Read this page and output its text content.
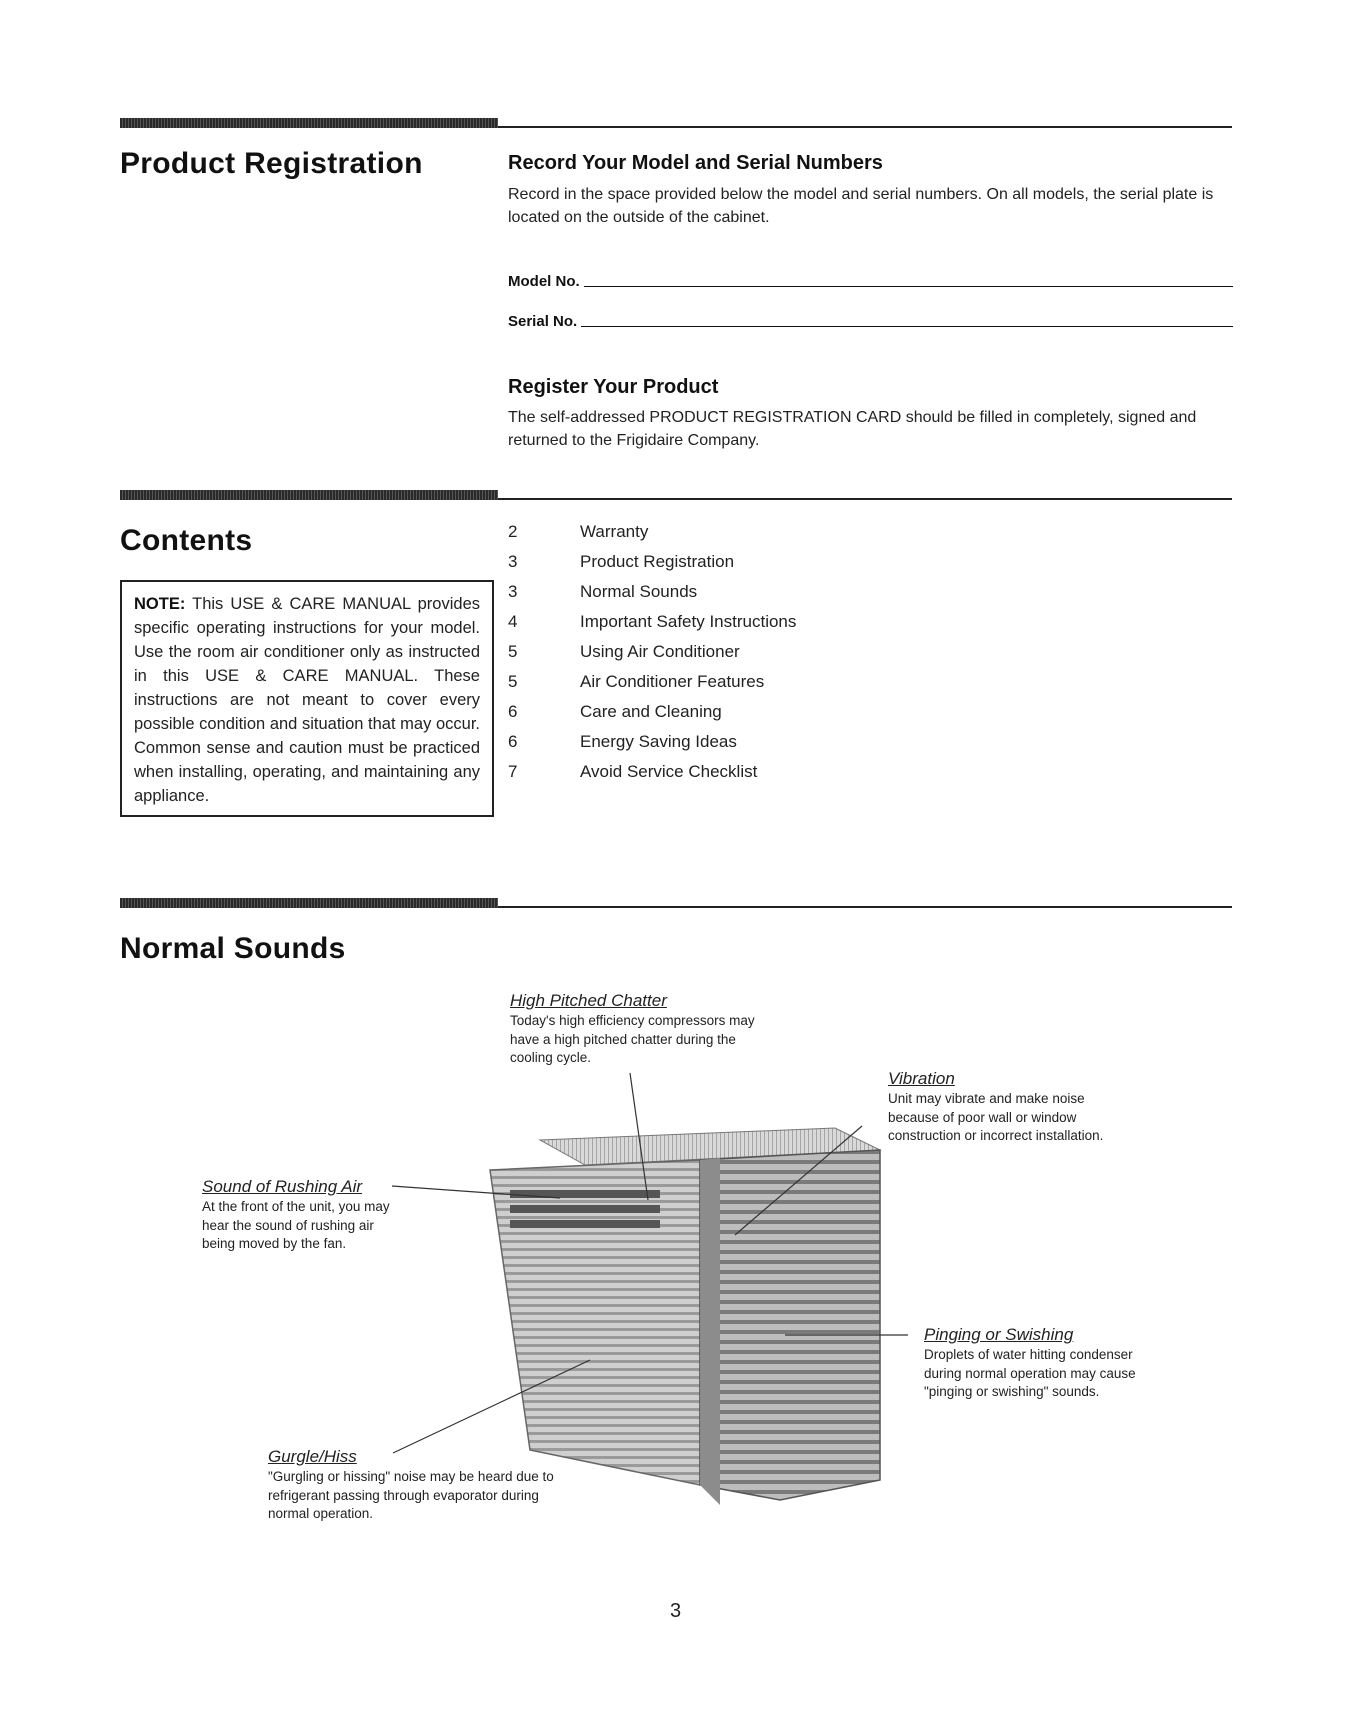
Product Registration	Record Your Model and Serial Numbers

Record in the space provided below the model and serial numbers. On all models, the serial plate is located on the outside of the cabinet.

Model No.
Serial No.
Register Your Product

The self-addressed PRODUCT REGISTRATION CARD should be filled in completely, signed and returned to the Frigidaire Company.

Contents

NOTE: This USE & CARE MANUAL provides specific operating instructions for your model. Use the room air conditioner only as instructed in this USE & CARE MANUAL. These instructions are not meant to cover every possible condition and situation that may occur. Common sense and caution must be practiced when installing, operating, and maintaining any appliance.

2	Warranty
3	Product Registration
3	Normal Sounds
4	Important Safety Instructions
5	Using Air Conditioner
5	Air Conditioner Features
6	Care and Cleaning
6	Energy Saving Ideas
7	Avoid Service Checklist
Normal Sounds
High Pitched Chatter
Today's high efficiency compressors may have a high pitched chatter during the cooling cycle.
Vibration
Unit may vibrate and make noise because of poor wall or window construction or incorrect installation.
Sound of Rushing Air
At the front of the unit, you may hear the sound of rushing air being moved by the fan.
Pinging or Swishing
Droplets of water hitting condenser during normal operation may cause "pinging or swishing" sounds.
Gurgle/Hiss
"Gurgling or hissing" noise may be heard due to refrigerant passing through evaporator during normal operation.
3
